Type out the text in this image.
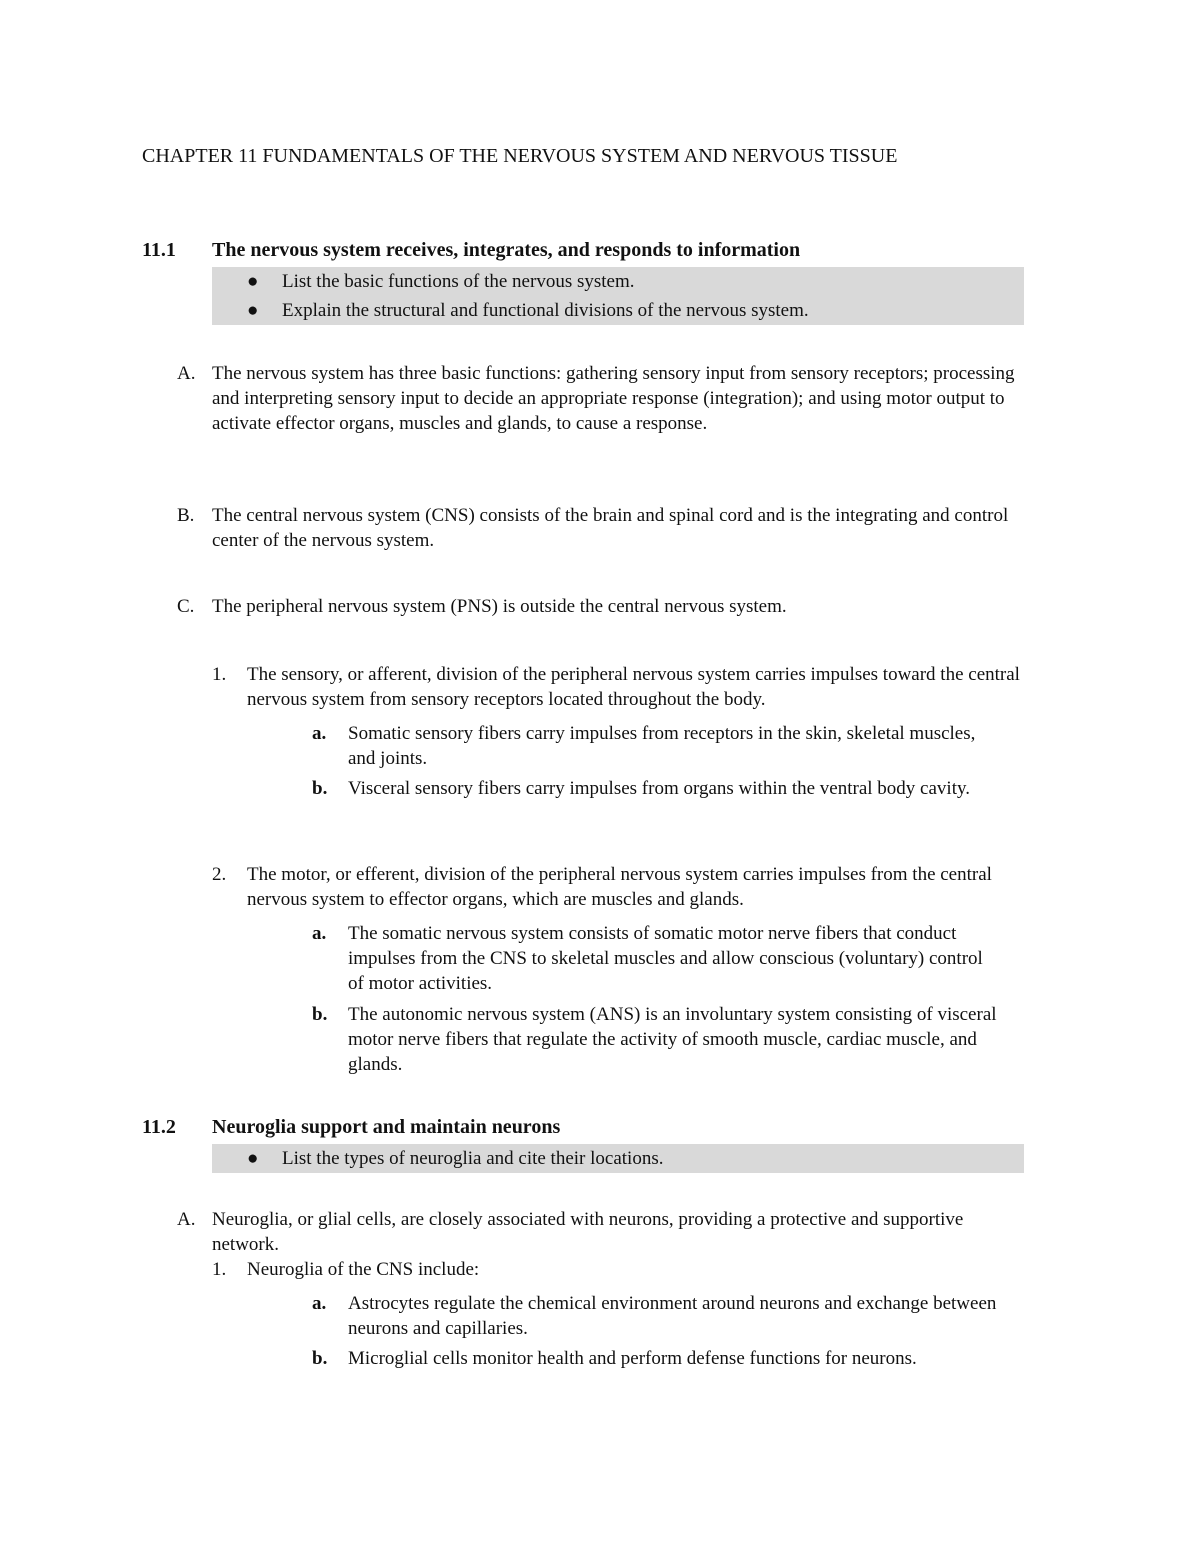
CHAPTER 11 FUNDAMENTALS OF THE NERVOUS SYSTEM AND NERVOUS TISSUE
11.1 The nervous system receives, integrates, and responds to information
● List the basic functions of the nervous system.
● Explain the structural and functional divisions of the nervous system.
A. The nervous system has three basic functions: gathering sensory input from sensory receptors; processing and interpreting sensory input to decide an appropriate response (integration); and using motor output to activate effector organs, muscles and glands, to cause a response.
B. The central nervous system (CNS) consists of the brain and spinal cord and is the integrating and control center of the nervous system.
C. The peripheral nervous system (PNS) is outside the central nervous system.
1.	The sensory, or afferent, division of the peripheral nervous system carries impulses toward the central nervous system from sensory receptors located throughout the body.
a.	Somatic sensory fibers carry impulses from receptors in the skin, skeletal muscles, and joints.
b.	Visceral sensory fibers carry impulses from organs within the ventral body cavity.
2.	The motor, or efferent, division of the peripheral nervous system carries impulses from the central nervous system to effector organs, which are muscles and glands.
a.	The somatic nervous system consists of somatic motor nerve fibers that conduct impulses from the CNS to skeletal muscles and allow conscious (voluntary) control of motor activities.
b.	The autonomic nervous system (ANS) is an involuntary system consisting of visceral motor nerve fibers that regulate the activity of smooth muscle, cardiac muscle, and glands.
11.2 Neuroglia support and maintain neurons
● List the types of neuroglia and cite their locations.
A. Neuroglia, or glial cells, are closely associated with neurons, providing a protective and supportive network.
1.	Neuroglia of the CNS include:
a.	Astrocytes regulate the chemical environment around neurons and exchange between neurons and capillaries.
b.	Microglial cells monitor health and perform defense functions for neurons.
